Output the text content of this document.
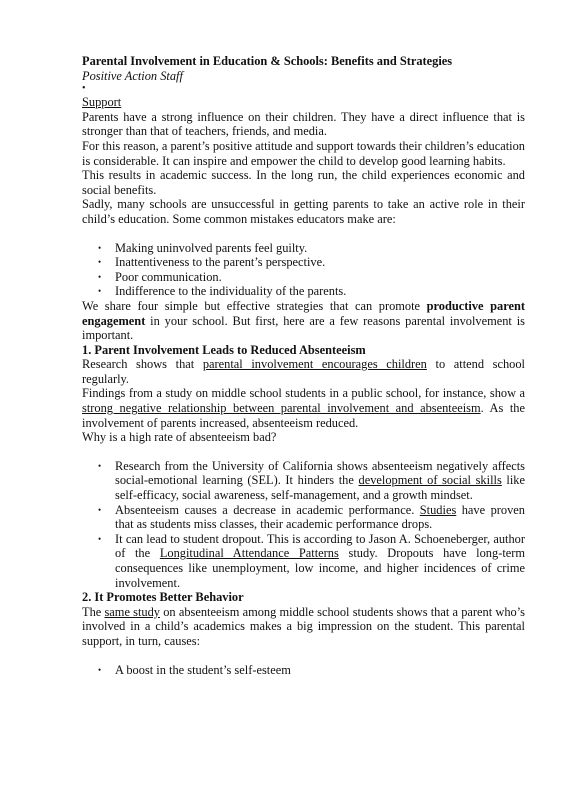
Parental Involvement in Education & Schools: Benefits and Strategies

Positive Action Staff

•

Support

Parents have a strong influence on their children. They have a direct influence that is stronger than that of teachers, friends, and media.

For this reason, a parent’s positive attitude and support towards their children’s education is considerable. It can inspire and empower the child to develop good learning habits.

This results in academic success. In the long run, the child experiences economic and social benefits.

Sadly, many schools are unsuccessful in getting parents to take an active role in their child’s education. Some common mistakes educators make are:

• Making uninvolved parents feel guilty.
• Inattentiveness to the parent’s perspective.
• Poor communication.
• Indifference to the individuality of the parents.

We share four simple but effective strategies that can promote productive parent engagement in your school. But first, here are a few reasons parental involvement is important.

1. Parent Involvement Leads to Reduced Absenteeism

Research shows that parental involvement encourages children to attend school regularly.

Findings from a study on middle school students in a public school, for instance, show a strong negative relationship between parental involvement and absenteeism. As the involvement of parents increased, absenteeism reduced.

Why is a high rate of absenteeism bad?

• Research from the University of California shows absenteeism negatively affects social-emotional learning (SEL). It hinders the development of social skills like self-efficacy, social awareness, self-management, and a growth mindset.
• Absenteeism causes a decrease in academic performance. Studies have proven that as students miss classes, their academic performance drops.
• It can lead to student dropout. This is according to Jason A. Schoeneberger, author of the Longitudinal Attendance Patterns study. Dropouts have long-term consequences like unemployment, low income, and higher incidences of crime involvement.
2. It Promotes Better Behavior

The same study on absenteeism among middle school students shows that a parent who’s involved in a child’s academics makes a big impression on the student. This parental support, in turn, causes:

• A boost in the student’s self-esteem
